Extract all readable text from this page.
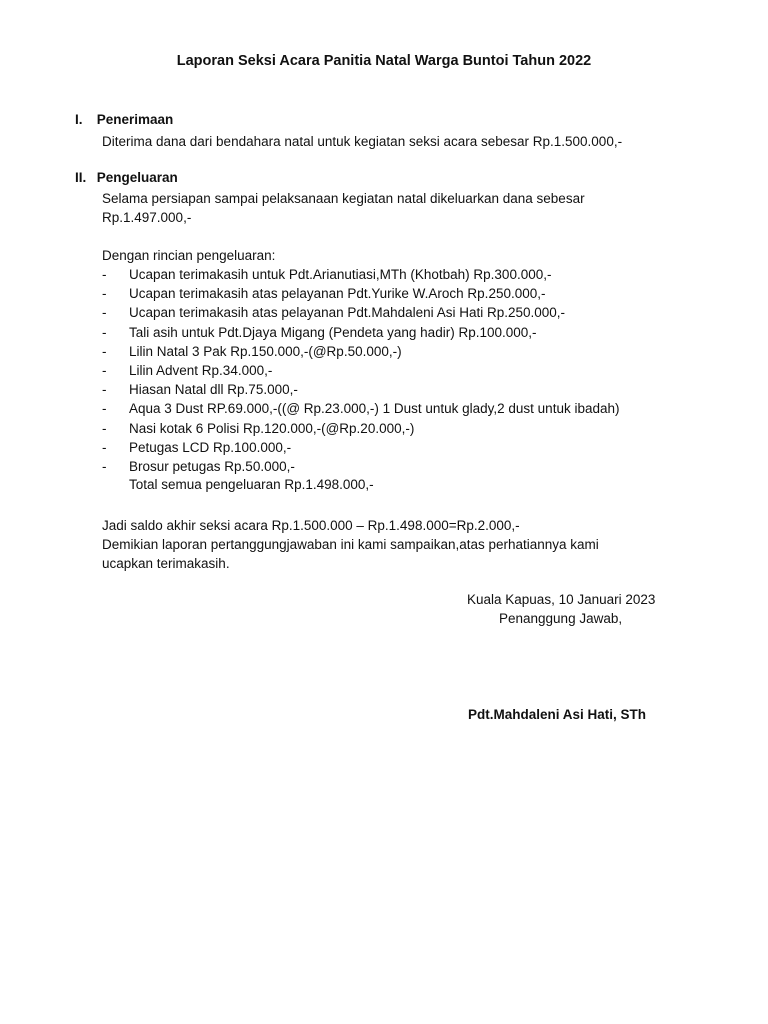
Laporan Seksi Acara Panitia Natal Warga Buntoi Tahun 2022
I. Penerimaan
Diterima dana dari bendahara natal untuk kegiatan seksi acara sebesar Rp.1.500.000,-
II. Pengeluaran
Selama persiapan sampai pelaksanaan kegiatan natal dikeluarkan dana sebesar
Rp.1.497.000,-
Dengan rincian pengeluaran:
- Ucapan terimakasih untuk Pdt.Arianutiasi,MTh (Khotbah) Rp.300.000,-
- Ucapan terimakasih atas pelayanan Pdt.Yurike W.Aroch Rp.250.000,-
- Ucapan terimakasih atas pelayanan Pdt.Mahdaleni Asi Hati Rp.250.000,-
- Tali asih untuk Pdt.Djaya Migang (Pendeta yang hadir) Rp.100.000,-
- Lilin Natal 3 Pak Rp.150.000,-(@Rp.50.000,-)
- Lilin Advent Rp.34.000,-
- Hiasan Natal dll Rp.75.000,-
- Aqua 3 Dust RP.69.000,-((@ Rp.23.000,-) 1 Dust untuk glady,2 dust untuk ibadah)
- Nasi kotak 6 Polisi Rp.120.000,-(@Rp.20.000,-)
- Petugas LCD Rp.100.000,-
- Brosur petugas Rp.50.000,-
Total semua pengeluaran Rp.1.498.000,-
Jadi saldo akhir seksi acara Rp.1.500.000 – Rp.1.498.000=Rp.2.000,-
Demikian laporan pertanggungjawaban ini kami sampaikan,atas perhatiannya kami
ucapkan terimakasih.
Kuala Kapuas, 10 Januari 2023
Penanggung Jawab,
Pdt.Mahdaleni Asi Hati, STh
